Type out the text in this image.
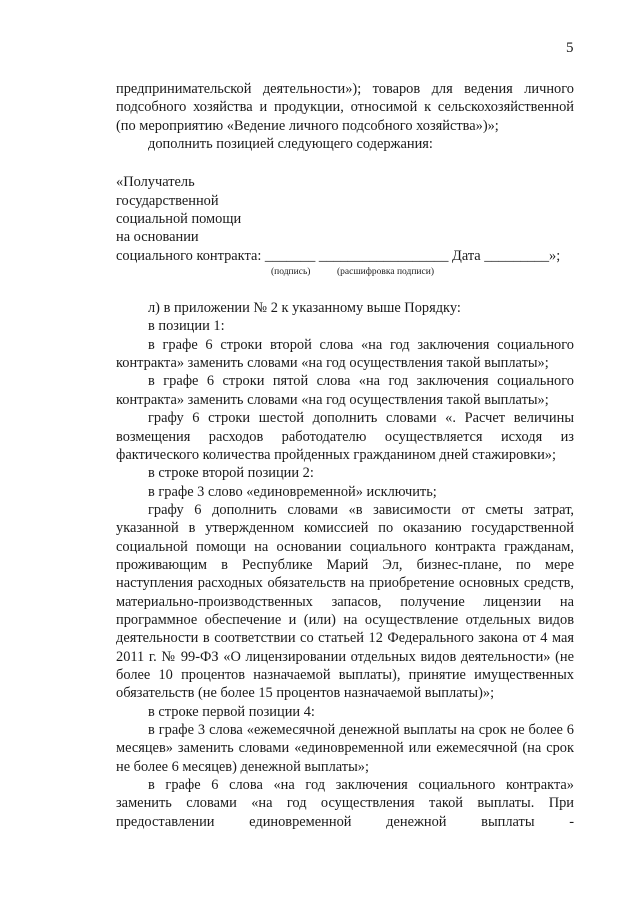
5

предпринимательской деятельности»); товаров для ведения личного подсобного хозяйства и продукции, относимой к сельскохозяйственной (по мероприятию «Ведение личного подсобного хозяйства»)»;

дополнить позицией следующего содержания:

«Получатель

государственной

социальной помощи

на основании

социального контракта: _______ __________________ Дата _________»;
(подпись)	(расшифровка подписи)

л) в приложении № 2 к указанному выше Порядку:

в позиции 1:

в графе 6 строки второй слова «на год заключения социального контракта» заменить словами «на год осуществления такой выплаты»;

в графе 6 строки пятой слова «на год заключения социального контракта» заменить словами «на год осуществления такой выплаты»;

графу 6 строки шестой дополнить словами «. Расчет величины возмещения расходов работодателю осуществляется исходя из фактического количества пройденных гражданином дней стажировки»;

в строке второй позиции 2:

в графе 3 слово «единовременной» исключить;

графу 6 дополнить словами «в зависимости от сметы затрат, указанной в утвержденном комиссией по оказанию государственной социальной помощи на основании социального контракта гражданам, проживающим в Республике Марий Эл, бизнес-плане, по мере наступления расходных обязательств на приобретение основных средств, материально-производственных запасов, получение лицензии на программное обеспечение и (или) на осуществление отдельных видов деятельности в соответствии со статьей 12 Федерального закона от 4 мая 2011 г. № 99-ФЗ «О лицензировании отдельных видов деятельности» (не более 10 процентов назначаемой выплаты), принятие имущественных обязательств (не более 15 процентов назначаемой выплаты)»;

в строке первой позиции 4:

в графе 3 слова «ежемесячной денежной выплаты на срок не более 6 месяцев» заменить словами «единовременной или ежемесячной (на срок не более 6 месяцев) денежной выплаты»;

в графе 6 слова «на год заключения социального контракта» заменить словами «на год осуществления такой выплаты. При предоставлении единовременной денежной выплаты -
